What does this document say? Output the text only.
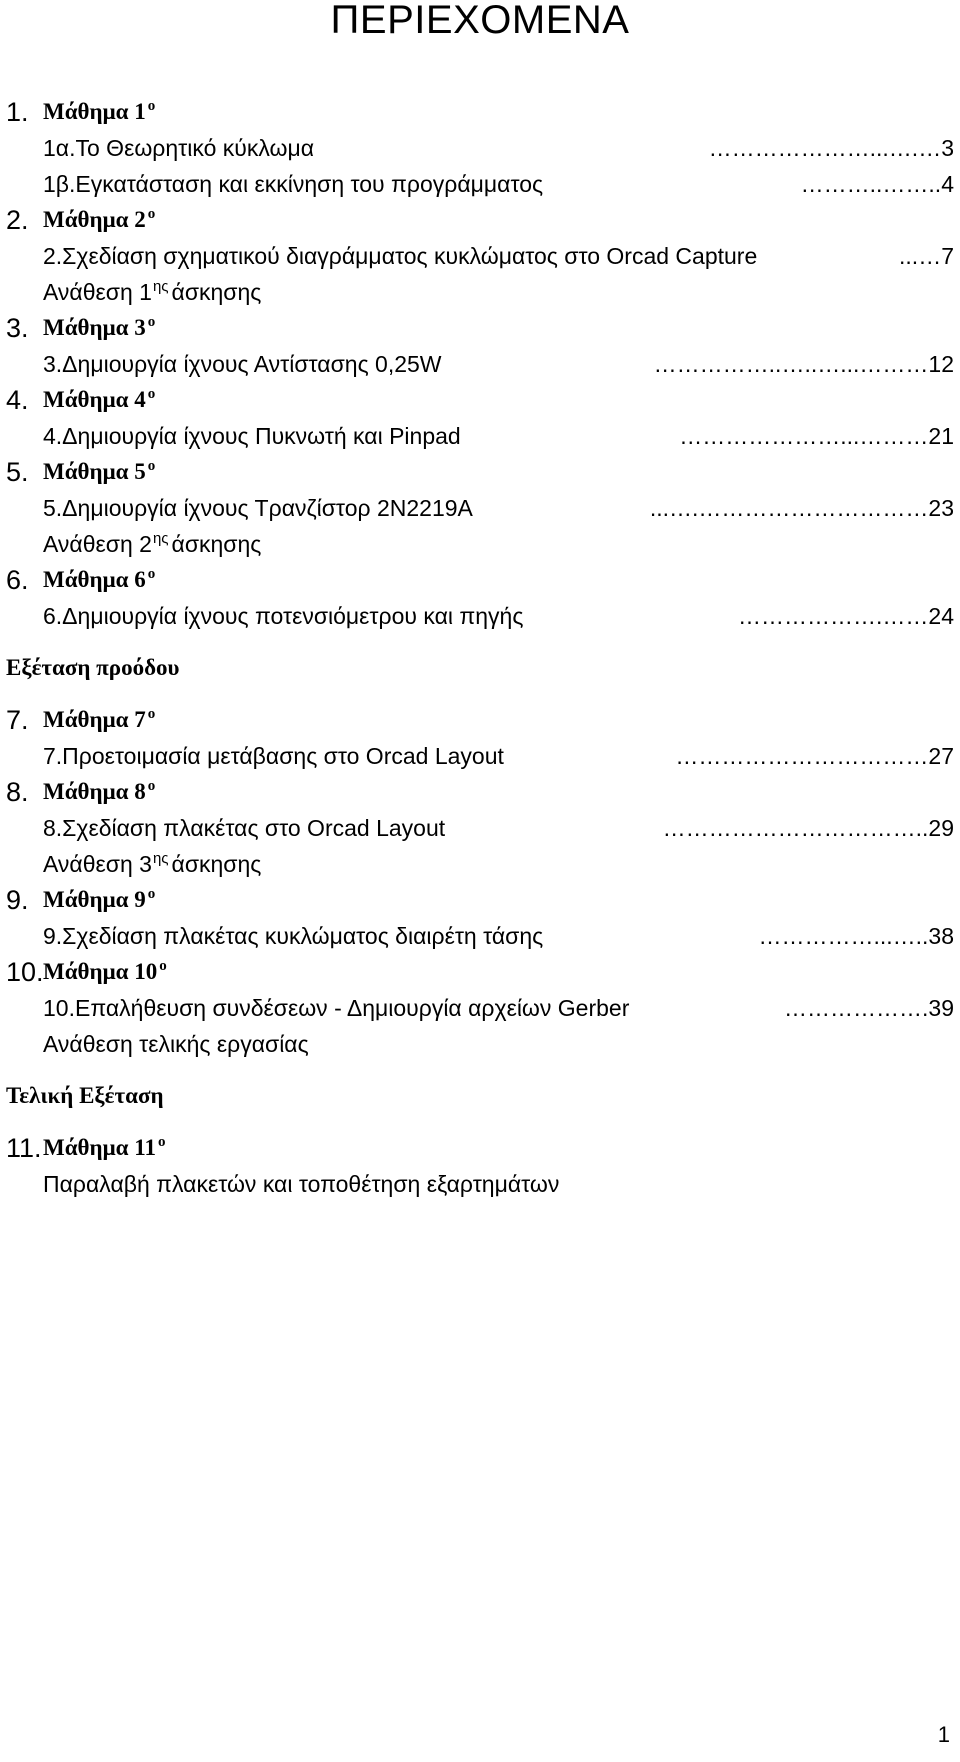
ΠΕΡΙΕΧΟΜΕΝΑ
1. Μάθημα 1 $^o$
1α.Το Θεωρητικό κύκλωμα	…………………...….…3
1β.Εγκατάσταση και εκκίνηση του προγράμματος	………..……..4
2. Μάθημα 2 $^o$
2.Σχεδίαση σχηματικού διαγράμματος κυκλώματος στο Orcad Capture	...…7
Ανάθεση $1^{\eta\varsigma}$ άσκησης
3. Μάθημα 3 $^o$
3.Δημιουργία ίχνους Αντίστασης 0,25W	……………..…..…...………12
4. Μάθημα 4 $^o$
4.Δημιουργία ίχνους Πυκνωτή και Pinpad	…………………...………21
5. Μάθημα 5 $^o$
5.Δημιουργία ίχνους Τρανζίστορ 2N2219A	...….…………………………23
Ανάθεση $2^{\eta\varsigma}$ άσκησης
6. Μάθημα 6 $^o$
6.Δημιουργία ίχνους ποτενσιόμετρου και πηγής	……………….……24
Εξέταση προόδου
7. Μάθημα 7 $^o$
7.Προετοιμασία μετάβασης στο Orcad Layout	……………………………27
8. Μάθημα 8 $^o$
8.Σχεδίαση πλακέτας στο Orcad Layout	……………………………..29
Ανάθεση $3^{\eta\varsigma}$ άσκησης
9. Μάθημα 9 $^o$
9.Σχεδίαση πλακέτας κυκλώματος διαιρέτη τάσης	……………...…..38
10. Μάθημα 10 $^o$
10.Επαλήθευση συνδέσεων - Δημιουργία αρχείων Gerber	……………….39
Ανάθεση τελικής εργασίας
Τελική Εξέταση
11. Μάθημα 11 $^o$
Παραλαβή πλακετών και τοποθέτηση εξαρτημάτων
1
